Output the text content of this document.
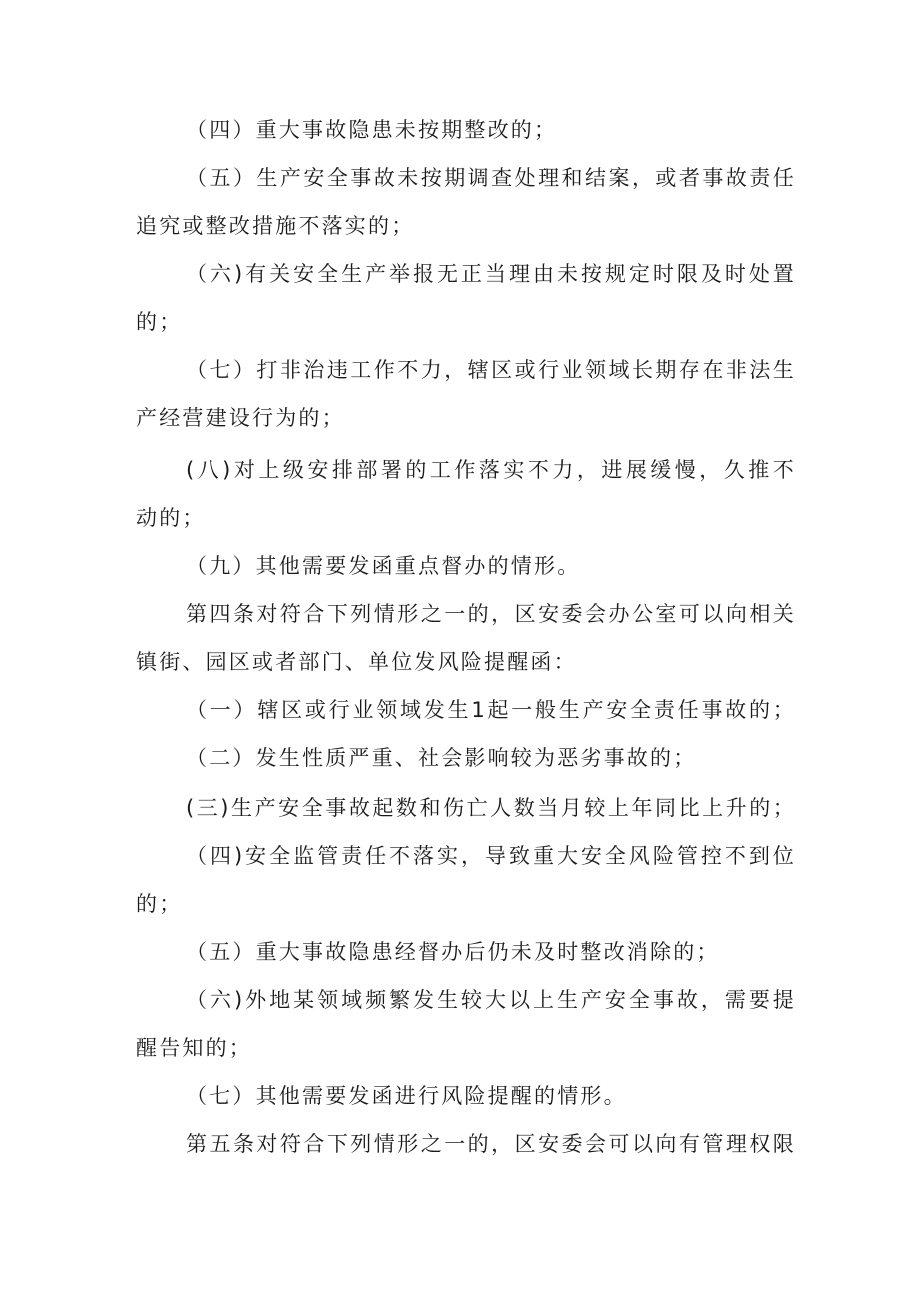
（四）重大事故隐患未按期整改的；

（五）生产安全事故未按期调查处理和结案，或者事故责任

追究或整改措施不落实的；

（六)有关安全生产举报无正当理由未按规定时限及时处置

的；

（七）打非治违工作不力，辖区或行业领域长期存在非法生

产经营建设行为的；

(八)对上级安排部署的工作落实不力，进展缓慢，久推不

动的；

（九）其他需要发函重点督办的情形。

第四条对符合下列情形之一的，区安委会办公室可以向相关

镇街、园区或者部门、单位发风险提醒函：

（一）辖区或行业领域发生1起一般生产安全责任事故的；

（二）发生性质严重、社会影响较为恶劣事故的；

(三)生产安全事故起数和伤亡人数当月较上年同比上升的；

（四)安全监管责任不落实，导致重大安全风险管控不到位

的；

（五）重大事故隐患经督办后仍未及时整改消除的；

（六)外地某领域频繁发生较大以上生产安全事故，需要提

醒告知的；

（七）其他需要发函进行风险提醒的情形。

第五条对符合下列情形之一的，区安委会可以向有管理权限
